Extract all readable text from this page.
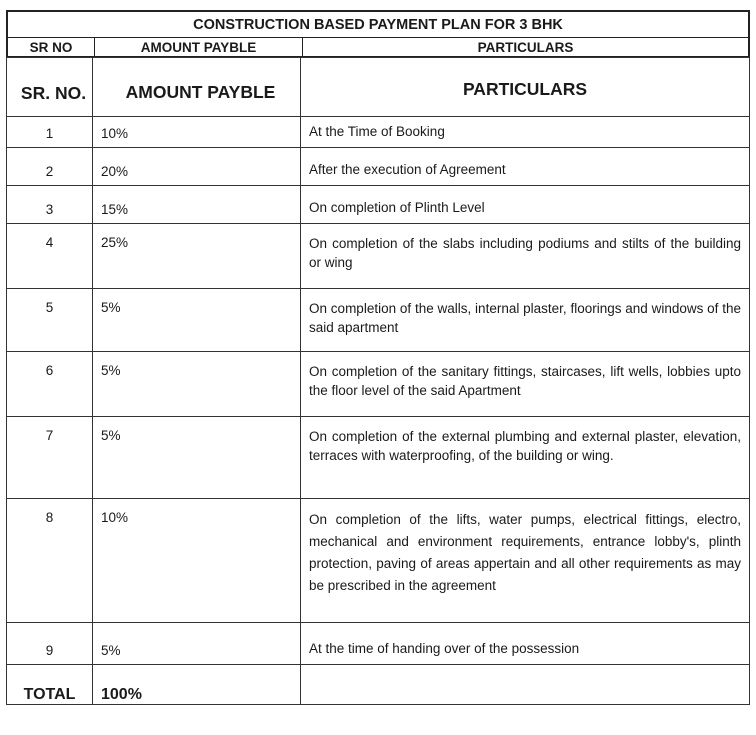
CONSTRUCTION BASED PAYMENT PLAN FOR 3 BHK
SR NO	AMOUNT PAYBLE	PARTICULARS
SR. NO.	AMOUNT PAYBLE	PARTICULARS
1	10%	At the Time of Booking
2	20%	After the execution of Agreement
3	15%	On completion of Plinth Level
4	25%	On completion of the slabs including podiums and stilts of the building or wing
5	5%	On completion of the walls, internal plaster, floorings and windows of the said apartment
6	5%	On completion of the sanitary fittings, staircases, lift wells, lobbies upto the floor level of the said Apartment
7	5%	On completion of the external plumbing and external plaster, elevation, terraces with waterproofing, of the building or wing.
8	10%	On completion of the lifts, water pumps, electrical fittings, electro, mechanical and environment requirements, entrance lobby's, plinth protection, paving of areas appertain and all other requirements as may be prescribed in the agreement
9	5%	At the time of handing over of the possession
TOTAL	100%	
